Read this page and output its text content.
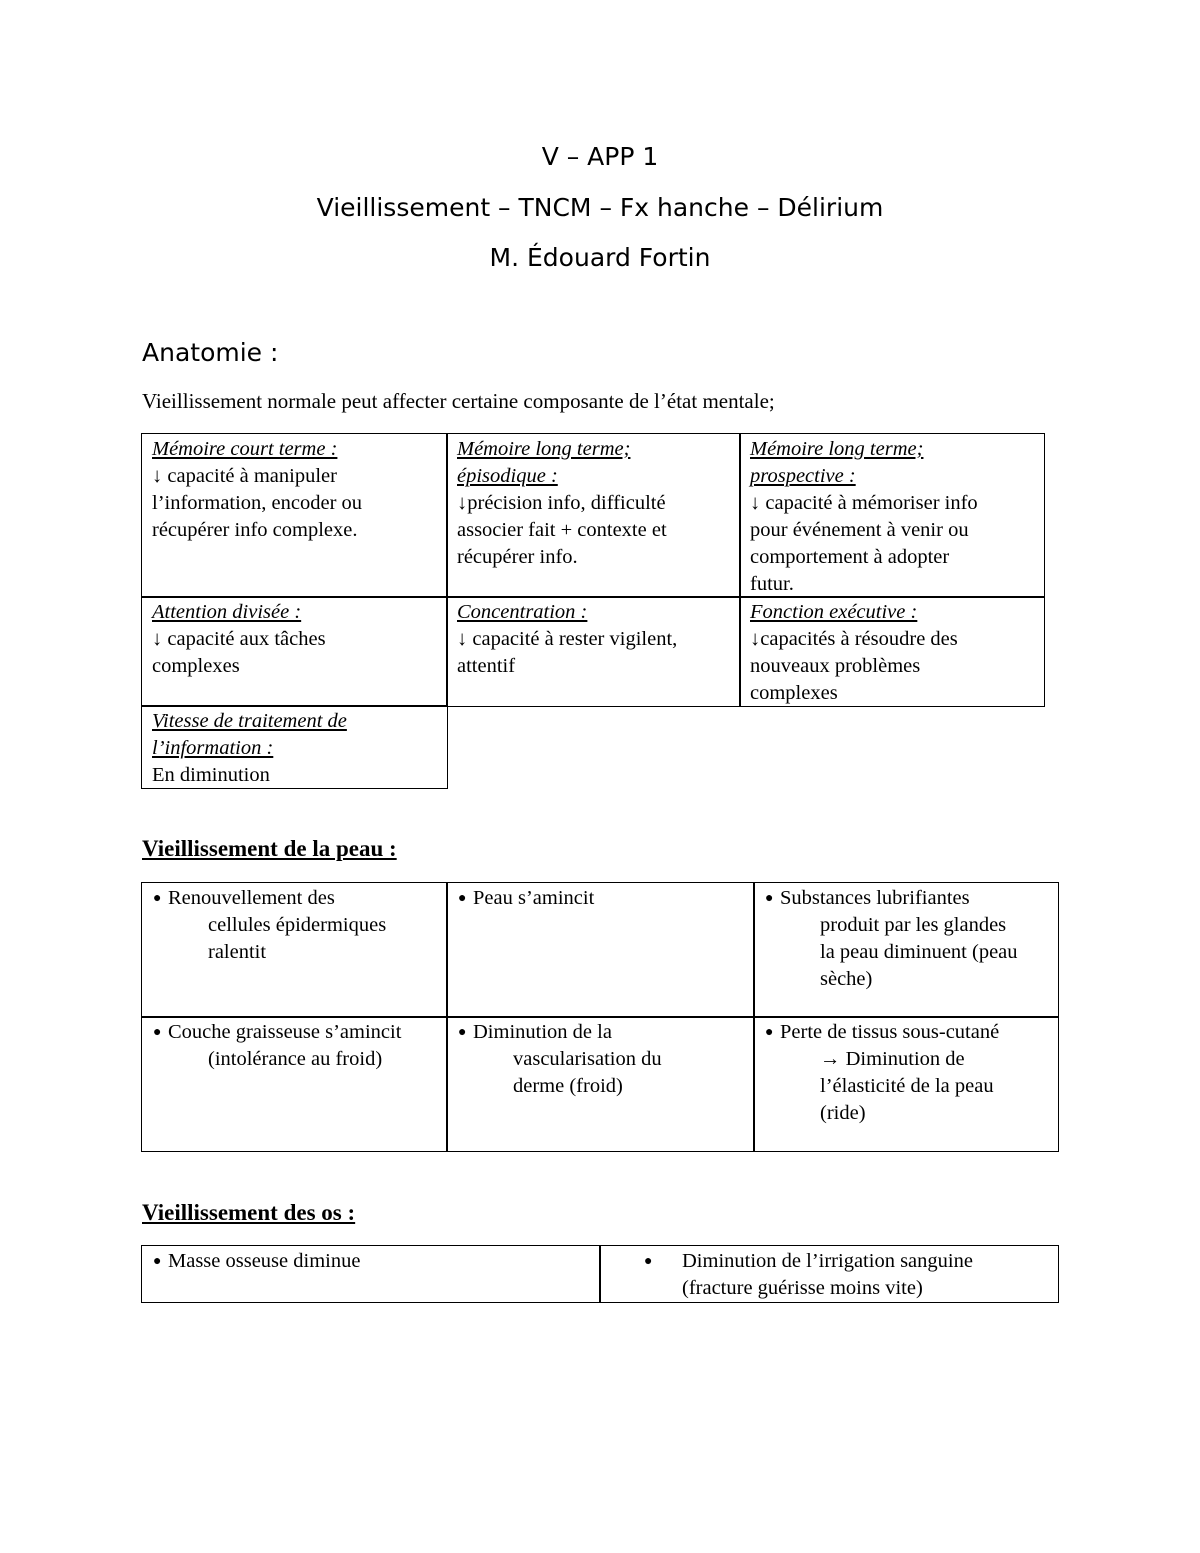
V – APP 1
Vieillissement – TNCM – Fx hanche – Délirium
M. Édouard Fortin
Anatomie :
Vieillissement normale peut affecter certaine composante de l’état mentale;
Mémoire court terme :
↓ capacité à manipuler
l’information, encoder ou
récupérer info complexe.
Mémoire long terme;
épisodique :
↓précision info, difficulté
associer fait + contexte et
récupérer info.
Mémoire long terme;
prospective :
↓ capacité à mémoriser info
pour événement à venir ou
comportement à adopter
futur.
Attention divisée :
↓ capacité aux tâches
complexes
Concentration :
↓ capacité à rester vigilent,
attentif
Fonction exécutive :
↓capacités à résoudre des
nouveaux problèmes
complexes
Vitesse de traitement de
l’information :
En diminution
Vieillissement de la peau :
● Renouvellement des
cellules épidermiques
ralentit
● Peau s’amincit	● Substances lubrifiantes
produit par les glandes
la peau diminuent (peau
sèche)
● Couche graisseuse s’amincit
(intolérance au froid)
● Diminution de la
vascularisation du
derme (froid)
● Perte de tissus sous-cutané
→ Diminution de
l’élasticité de la peau
(ride)
Vieillissement des os :
● Masse osseuse diminue	● Diminution de l’irrigation sanguine
(fracture guérisse moins vite)
